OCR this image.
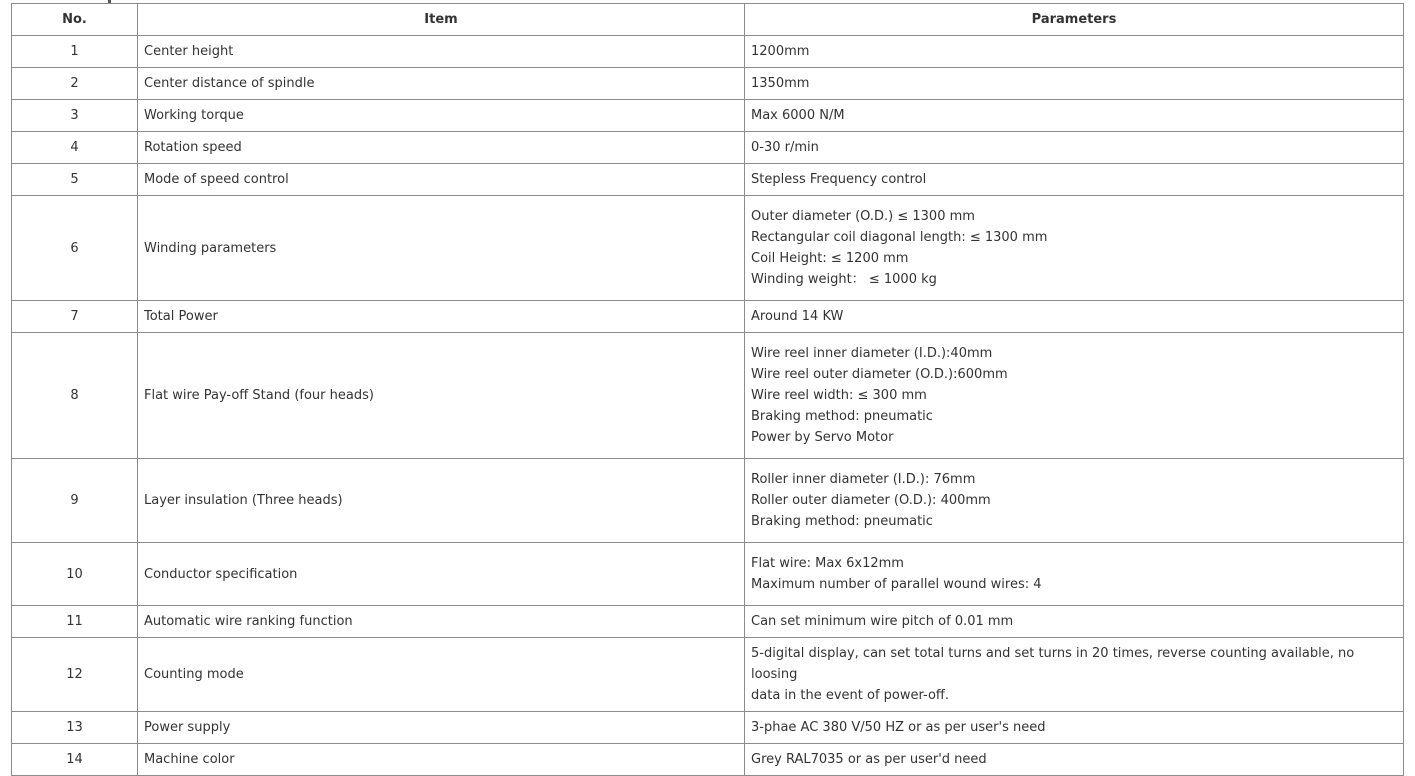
No.	Item	Parameters
1	Center height	1200mm
2	Center distance of spindle	1350mm
3	Working torque	Max 6000 N/M
4	Rotation speed	0-30 r/min
5	Mode of speed control	Stepless Frequency control
6	Winding parameters	Outer diameter (O.D.) ≤ 1300 mm
Rectangular coil diagonal length: ≤ 1300 mm
Coil Height: ≤ 1200 mm
Winding weight： ≤ 1000 kg

7	Total Power	Around 14 KW
8	Flat wire Pay-off Stand (four heads)	Wire reel inner diameter (I.D.):40mm
Wire reel outer diameter (O.D.):600mm
Wire reel width: ≤ 300 mm
Braking method: pneumatic
Power by Servo Motor

9	Layer insulation (Three heads)	Roller inner diameter (I.D.): 76mm
Roller outer diameter (O.D.): 400mm
Braking method: pneumatic

10	Conductor specification	Flat wire: Max 6x12mm
Maximum number of parallel wound wires: 4

11	Automatic wire ranking function	Can set minimum wire pitch of 0.01 mm
12	Counting mode	5-digital display, can set total turns and set turns in 20 times, reverse counting available, no loosing
data in the event of power-off.

13	Power supply	3-phae AC 380 V/50 HZ or as per user's need
14	Machine color	Grey RAL7035 or as per user'd need
